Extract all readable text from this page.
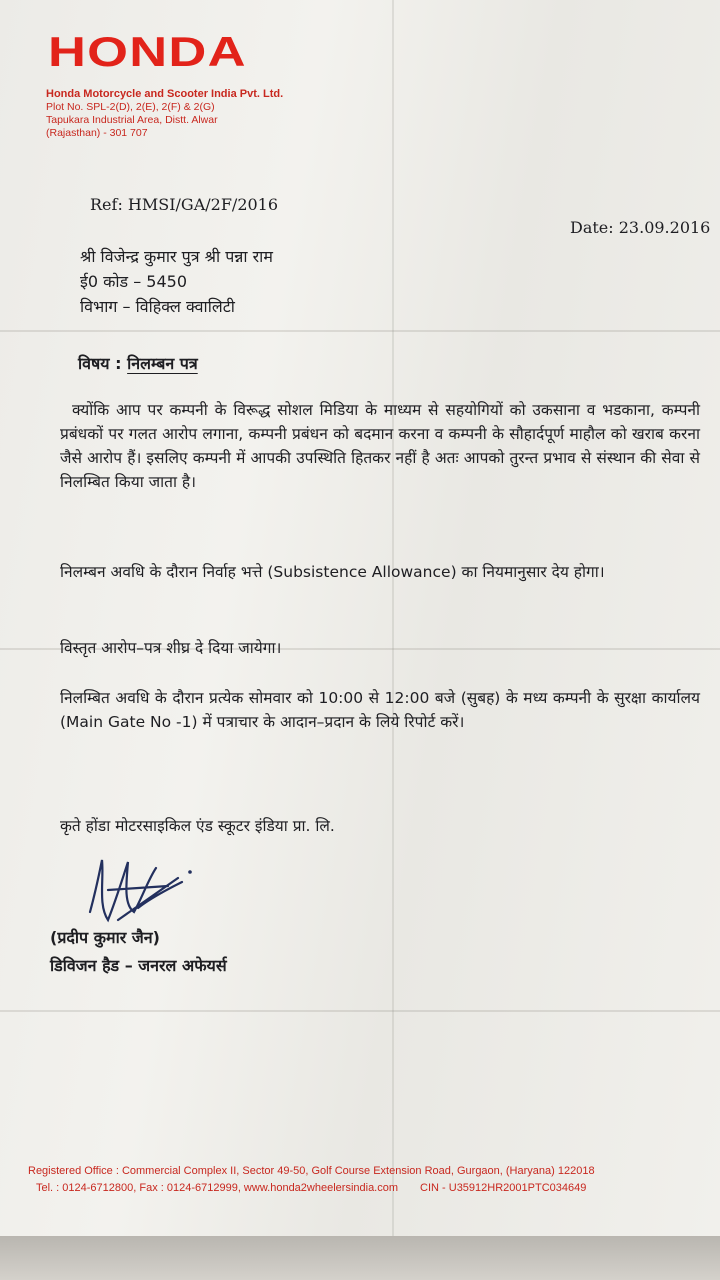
HONDA
Honda Motorcycle and Scooter India Pvt. Ltd.
Plot No. SPL-2(D), 2(E), 2(F) & 2(G)
Tapukara Industrial Area, Distt. Alwar
(Rajasthan) - 301 707
Ref: HMSI/GA/2F/2016
Date: 23.09.2016
श्री विजेन्द्र कुमार पुत्र श्री पन्ना राम
ई0 कोड – 5450
विभाग – विहिक्ल क्वालिटी
विषय : निलम्बन पत्र
क्योंकि आप पर कम्पनी के विरूद्ध सोशल मिडिया के माध्यम से सहयोगियों को उकसाना व भडकाना, कम्पनी प्रबंधकों पर गलत आरोप लगाना, कम्पनी प्रबंधन को बदमान करना व कम्पनी के सौहार्दपूर्ण माहौल को खराब करना जैसे आरोप हैं। इसलिए कम्पनी में आपकी उपस्थिति हितकर नहीं है अतः आपको तुरन्त प्रभाव से संस्थान की सेवा से निलम्बित किया जाता है।
निलम्बन अवधि के दौरान निर्वाह भत्ते (Subsistence Allowance) का नियमानुसार देय होगा।
विस्तृत आरोप–पत्र शीघ्र दे दिया जायेगा।
निलम्बित अवधि के दौरान प्रत्येक सोमवार को 10:00 से 12:00 बजे (सुबह) के मध्य कम्पनी के सुरक्षा कार्यालय (Main Gate No -1) में पत्राचार के आदान–प्रदान के लिये रिपोर्ट करें।
कृते होंडा मोटरसाइकिल एंड स्कूटर इंडिया प्रा. लि.
(प्रदीप कुमार जैन)
डिविजन हैड – जनरल अफेयर्स
Registered Office : Commercial Complex II, Sector 49-50, Golf Course Extension Road, Gurgaon, (Haryana) 122018
Tel. : 0124-6712800, Fax : 0124-6712999, www.honda2wheelersindia.com CIN - U35912HR2001PTC034649
